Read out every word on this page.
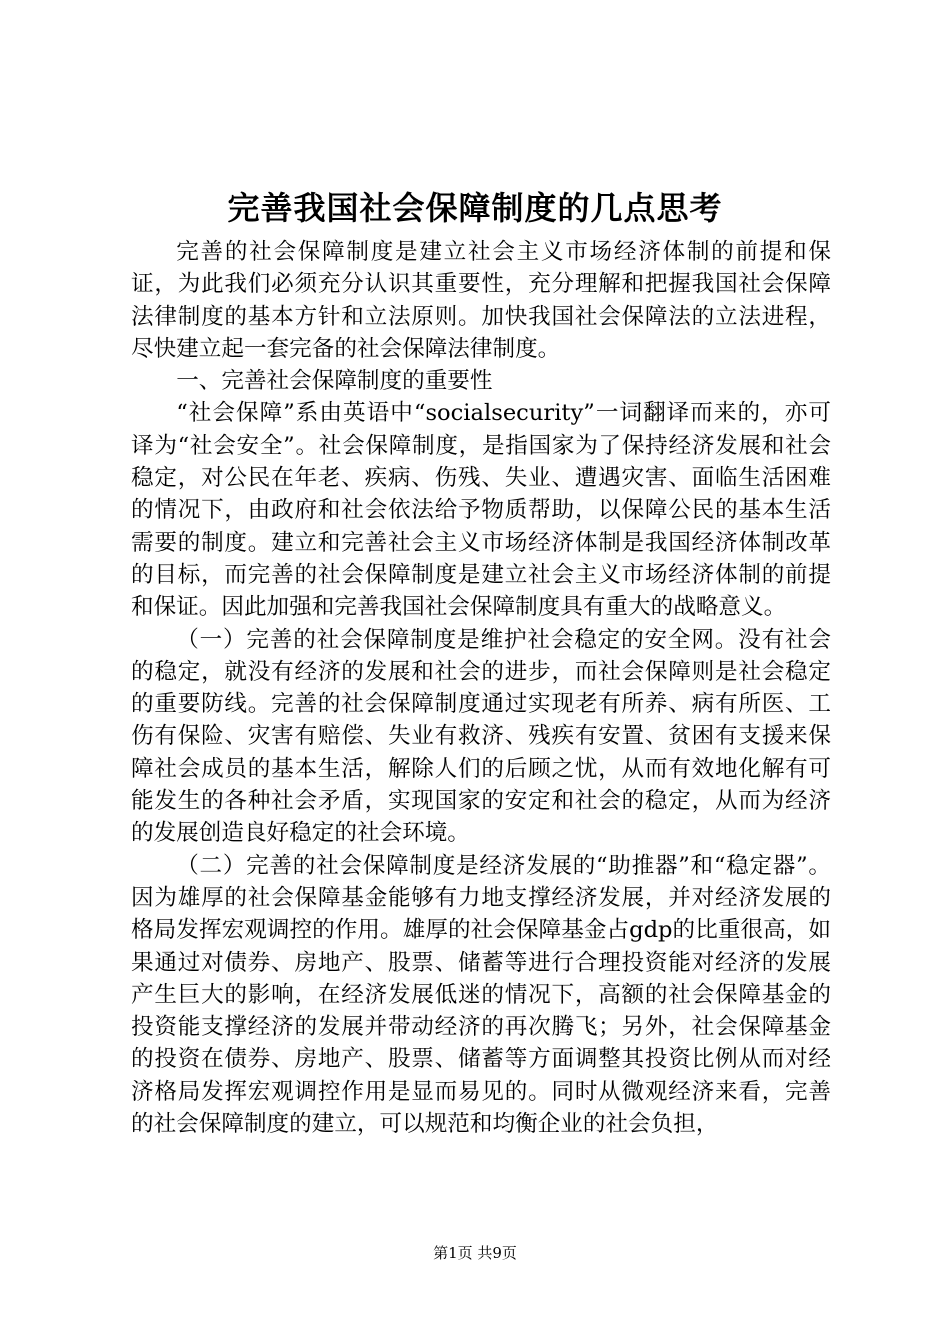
完善我国社会保障制度的几点思考

完善的社会保障制度是建立社会主义市场经济体制的前提和保证，为此我们必须充分认识其重要性，充分理解和把握我国社会保障法律制度的基本方针和立法原则。加快我国社会保障法的立法进程，尽快建立起一套完备的社会保障法律制度。

一、完善社会保障制度的重要性

“社会保障”系由英语中“socialsecurity”一词翻译而来的，亦可译为“社会安全”。社会保障制度，是指国家为了保持经济发展和社会稳定，对公民在年老、疾病、伤残、失业、遭遇灾害、面临生活困难的情况下，由政府和社会依法给予物质帮助，以保障公民的基本生活需要的制度。建立和完善社会主义市场经济体制是我国经济体制改革的目标，而完善的社会保障制度是建立社会主义市场经济体制的前提和保证。因此加强和完善我国社会保障制度具有重大的战略意义。

（一）完善的社会保障制度是维护社会稳定的安全网。没有社会的稳定，就没有经济的发展和社会的进步，而社会保障则是社会稳定的重要防线。完善的社会保障制度通过实现老有所养、病有所医、工伤有保险、灾害有赔偿、失业有救济、残疾有安置、贫困有支援来保障社会成员的基本生活，解除人们的后顾之忧，从而有效地化解有可能发生的各种社会矛盾，实现国家的安定和社会的稳定，从而为经济的发展创造良好稳定的社会环境。

（二）完善的社会保障制度是经济发展的“助推器”和“稳定器”。因为雄厚的社会保障基金能够有力地支撑经济发展，并对经济发展的格局发挥宏观调控的作用。雄厚的社会保障基金占gdp的比重很高，如果通过对债券、房地产、股票、储蓄等进行合理投资能对经济的发展产生巨大的影响，在经济发展低迷的情况下，高额的社会保障基金的投资能支撑经济的发展并带动经济的再次腾飞；另外，社会保障基金的投资在债券、房地产、股票、储蓄等方面调整其投资比例从而对经济格局发挥宏观调控作用是显而易见的。同时从微观经济来看，完善的社会保障制度的建立，可以规范和均衡企业的社会负担，

第1页 共9页
